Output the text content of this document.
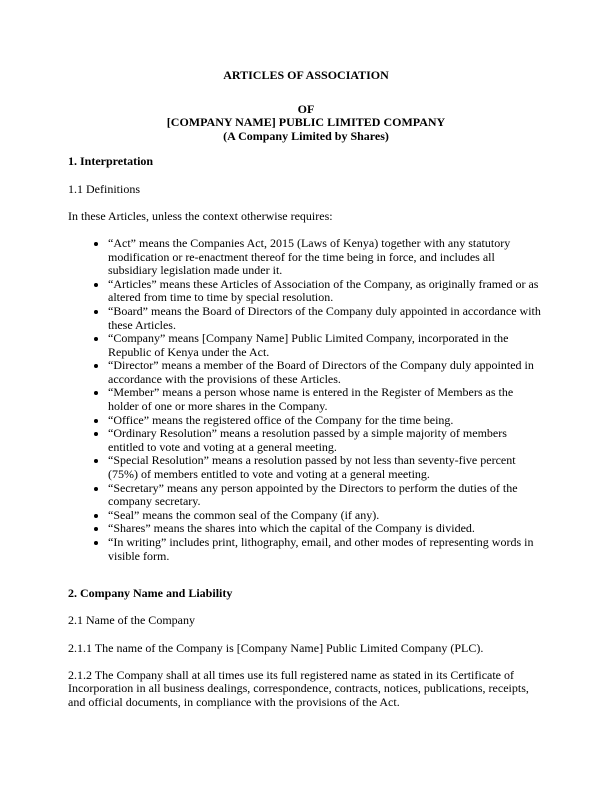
ARTICLES OF ASSOCIATION
OF
[COMPANY NAME] PUBLIC LIMITED COMPANY
(A Company Limited by Shares)
1. Interpretation

1.1 Definitions

In these Articles, unless the context otherwise requires:

• “Act” means the Companies Act, 2015 (Laws of Kenya) together with any statutory modification or re-enactment thereof for the time being in force, and includes all subsidiary legislation made under it.
• “Articles” means these Articles of Association of the Company, as originally framed or as altered from time to time by special resolution.
• “Board” means the Board of Directors of the Company duly appointed in accordance with these Articles.
• “Company” means [Company Name] Public Limited Company, incorporated in the Republic of Kenya under the Act.
• “Director” means a member of the Board of Directors of the Company duly appointed in accordance with the provisions of these Articles.
• “Member” means a person whose name is entered in the Register of Members as the holder of one or more shares in the Company.
• “Office” means the registered office of the Company for the time being.
• “Ordinary Resolution” means a resolution passed by a simple majority of members entitled to vote and voting at a general meeting.
• “Special Resolution” means a resolution passed by not less than seventy-five percent (75%) of members entitled to vote and voting at a general meeting.
• “Secretary” means any person appointed by the Directors to perform the duties of the company secretary.
• “Seal” means the common seal of the Company (if any).
• “Shares” means the shares into which the capital of the Company is divided.
• “In writing” includes print, lithography, email, and other modes of representing words in visible form.
2. Company Name and Liability

2.1 Name of the Company

2.1.1 The name of the Company is [Company Name] Public Limited Company (PLC).

2.1.2 The Company shall at all times use its full registered name as stated in its Certificate of Incorporation in all business dealings, correspondence, contracts, notices, publications, receipts, and official documents, in compliance with the provisions of the Act.
